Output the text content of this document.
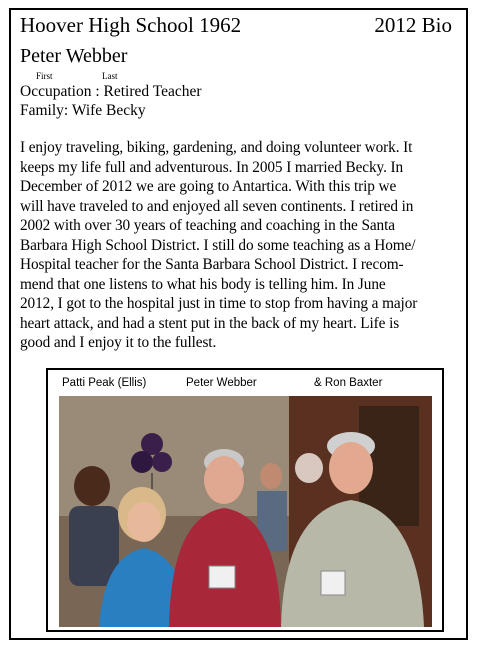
Hoover High School 1962	2012 Bio
Peter Webber
First	Last
Occupation : Retired Teacher
Family: Wife Becky
I enjoy traveling, biking, gardening, and doing volunteer work. It
keeps my life full and adventurous. In 2005 I married Becky. In
December of 2012 we are going to Antartica. With this trip we
will have traveled to and enjoyed all seven continents. I retired in
2002 with over 30 years of teaching and coaching in the Santa
Barbara High School District. I still do some teaching as a Home/
Hospital teacher for the Santa Barbara School District. I recom-
mend that one listens to what his body is telling him. In June
2012, I got to the hospital just in time to stop from having a major
heart attack, and had a stent put in the back of my heart. Life is
good and I enjoy it to the fullest.
Patti Peak (Ellis)	Peter Webber	& Ron Baxter
